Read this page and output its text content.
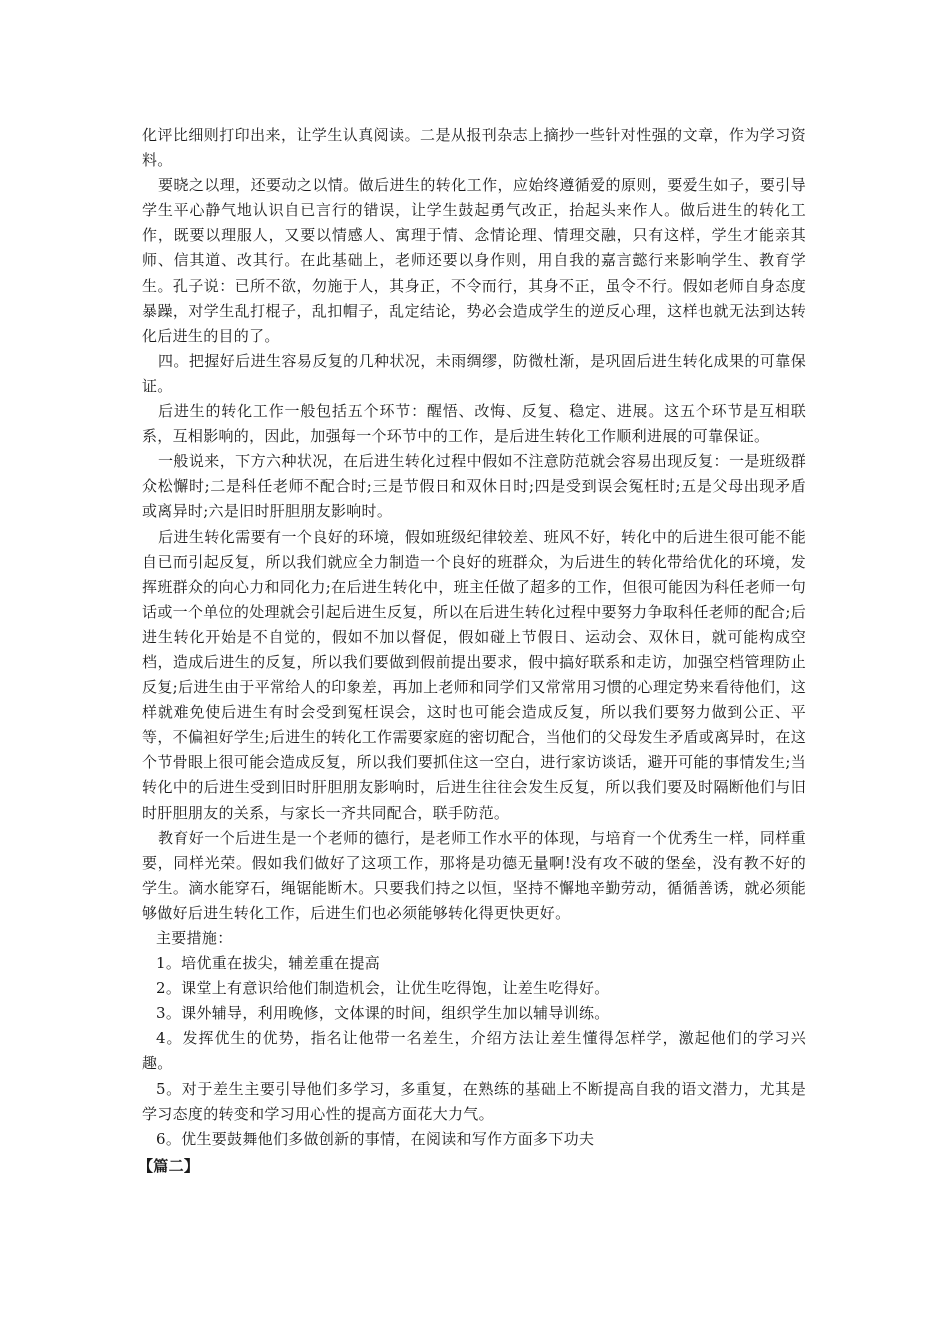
化评比细则打印出来，让学生认真阅读。二是从报刊杂志上摘抄一些针对性强的文章，作为学习资料。

要晓之以理，还要动之以情。做后进生的转化工作，应始终遵循爱的原则，要爱生如子，要引导学生平心静气地认识自已言行的错误，让学生鼓起勇气改正，抬起头来作人。做后进生的转化工作，既要以理服人，又要以情感人、寓理于情、念情论理、情理交融，只有这样，学生才能亲其师、信其道、改其行。在此基础上，老师还要以身作则，用自我的嘉言懿行来影响学生、教育学生。孔子说：已所不欲，勿施于人，其身正，不令而行，其身不正，虽令不行。假如老师自身态度暴躁，对学生乱打棍子，乱扣帽子，乱定结论，势必会造成学生的逆反心理，这样也就无法到达转化后进生的目的了。

四。把握好后进生容易反复的几种状况，未雨绸缪，防微杜渐，是巩固后进生转化成果的可靠保证。

后进生的转化工作一般包括五个环节：醒悟、改悔、反复、稳定、进展。这五个环节是互相联系，互相影响的，因此，加强每一个环节中的工作，是后进生转化工作顺利进展的可靠保证。

一般说来，下方六种状况，在后进生转化过程中假如不注意防范就会容易出现反复：一是班级群众松懈时;二是科任老师不配合时;三是节假日和双休日时;四是受到误会冤枉时;五是父母出现矛盾或离异时;六是旧时肝胆朋友影响时。

后进生转化需要有一个良好的环境，假如班级纪律较差、班风不好，转化中的后进生很可能不能自已而引起反复，所以我们就应全力制造一个良好的班群众，为后进生的转化带给优化的环境，发挥班群众的向心力和同化力;在后进生转化中，班主任做了超多的工作，但很可能因为科任老师一句话或一个单位的处理就会引起后进生反复，所以在后进生转化过程中要努力争取科任老师的配合;后进生转化开始是不自觉的，假如不加以督促，假如碰上节假日、运动会、双休日，就可能构成空档，造成后进生的反复，所以我们要做到假前提出要求，假中搞好联系和走访，加强空档管理防止反复;后进生由于平常给人的印象差，再加上老师和同学们又常常用习惯的心理定势来看待他们，这样就难免使后进生有时会受到冤枉误会，这时也可能会造成反复，所以我们要努力做到公正、平等，不偏袒好学生;后进生的转化工作需要家庭的密切配合，当他们的父母发生矛盾或离异时，在这个节骨眼上很可能会造成反复，所以我们要抓住这一空白，进行家访谈话，避开可能的事情发生;当转化中的后进生受到旧时肝胆朋友影响时，后进生往往会发生反复，所以我们要及时隔断他们与旧时肝胆朋友的关系，与家长一齐共同配合，联手防范。

教育好一个后进生是一个老师的德行，是老师工作水平的体现，与培育一个优秀生一样，同样重要，同样光荣。假如我们做好了这项工作，那将是功德无量啊!没有攻不破的堡垒，没有教不好的学生。滴水能穿石，绳锯能断木。只要我们持之以恒，坚持不懈地辛勤劳动，循循善诱，就必须能够做好后进生转化工作，后进生们也必须能够转化得更快更好。

主要措施：

1。培优重在拔尖，辅差重在提高

2。课堂上有意识给他们制造机会，让优生吃得饱，让差生吃得好。

3。课外辅导，利用晚修，文体课的时间，组织学生加以辅导训练。

4。发挥优生的优势，指名让他带一名差生，介绍方法让差生懂得怎样学，激起他们的学习兴趣。

5。对于差生主要引导他们多学习，多重复，在熟练的基础上不断提高自我的语文潜力，尤其是学习态度的转变和学习用心性的提高方面花大力气。

6。优生要鼓舞他们多做创新的事情，在阅读和写作方面多下功夫

【篇二】
